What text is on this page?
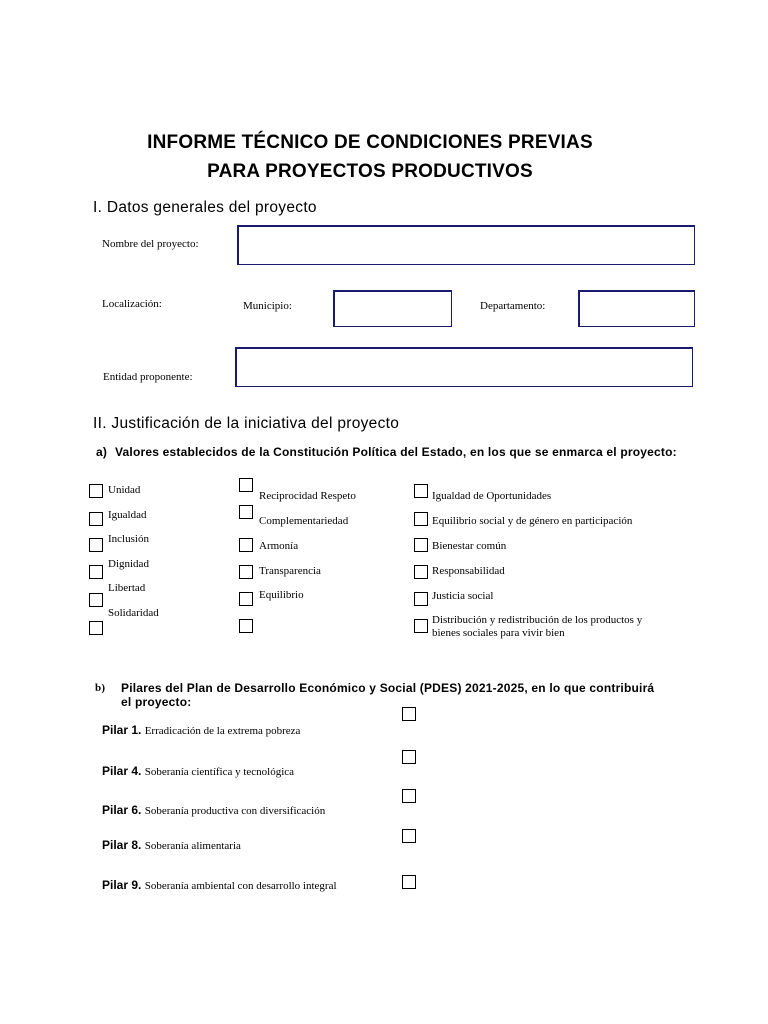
INFORME TÉCNICO DE CONDICIONES PREVIAS
PARA PROYECTOS PRODUCTIVOS
I. Datos generales del proyecto
Nombre del proyecto:
Localización:	Municipio:	Departamento:
Entidad proponente:
II. Justificación de la iniciativa del proyecto
a) Valores establecidos de la Constitución Política del Estado, en los que se enmarca el proyecto:
Unidad
Igualdad
Inclusión
Dignidad
Libertad
Solidaridad
Reciprocidad Respeto
Complementariedad
Armonía
Transparencia
Equilibrio
Igualdad de Oportunidades
Equilibrio social y de género en participación
Bienestar común
Responsabilidad
Justicia social
Distribución y redistribución de los productos y
bienes sociales para vivir bien
b) Pilares del Plan de Desarrollo Económico y Social (PDES) 2021-2025, en lo que contribuirá
el proyecto:
Pilar 1. Erradicación de la extrema pobreza
Pilar 4. Soberanía científica y tecnológica
Pilar 6. Soberanía productiva con diversificación
Pilar 8. Soberanía alimentaria
Pilar 9. Soberanía ambiental con desarrollo integral
